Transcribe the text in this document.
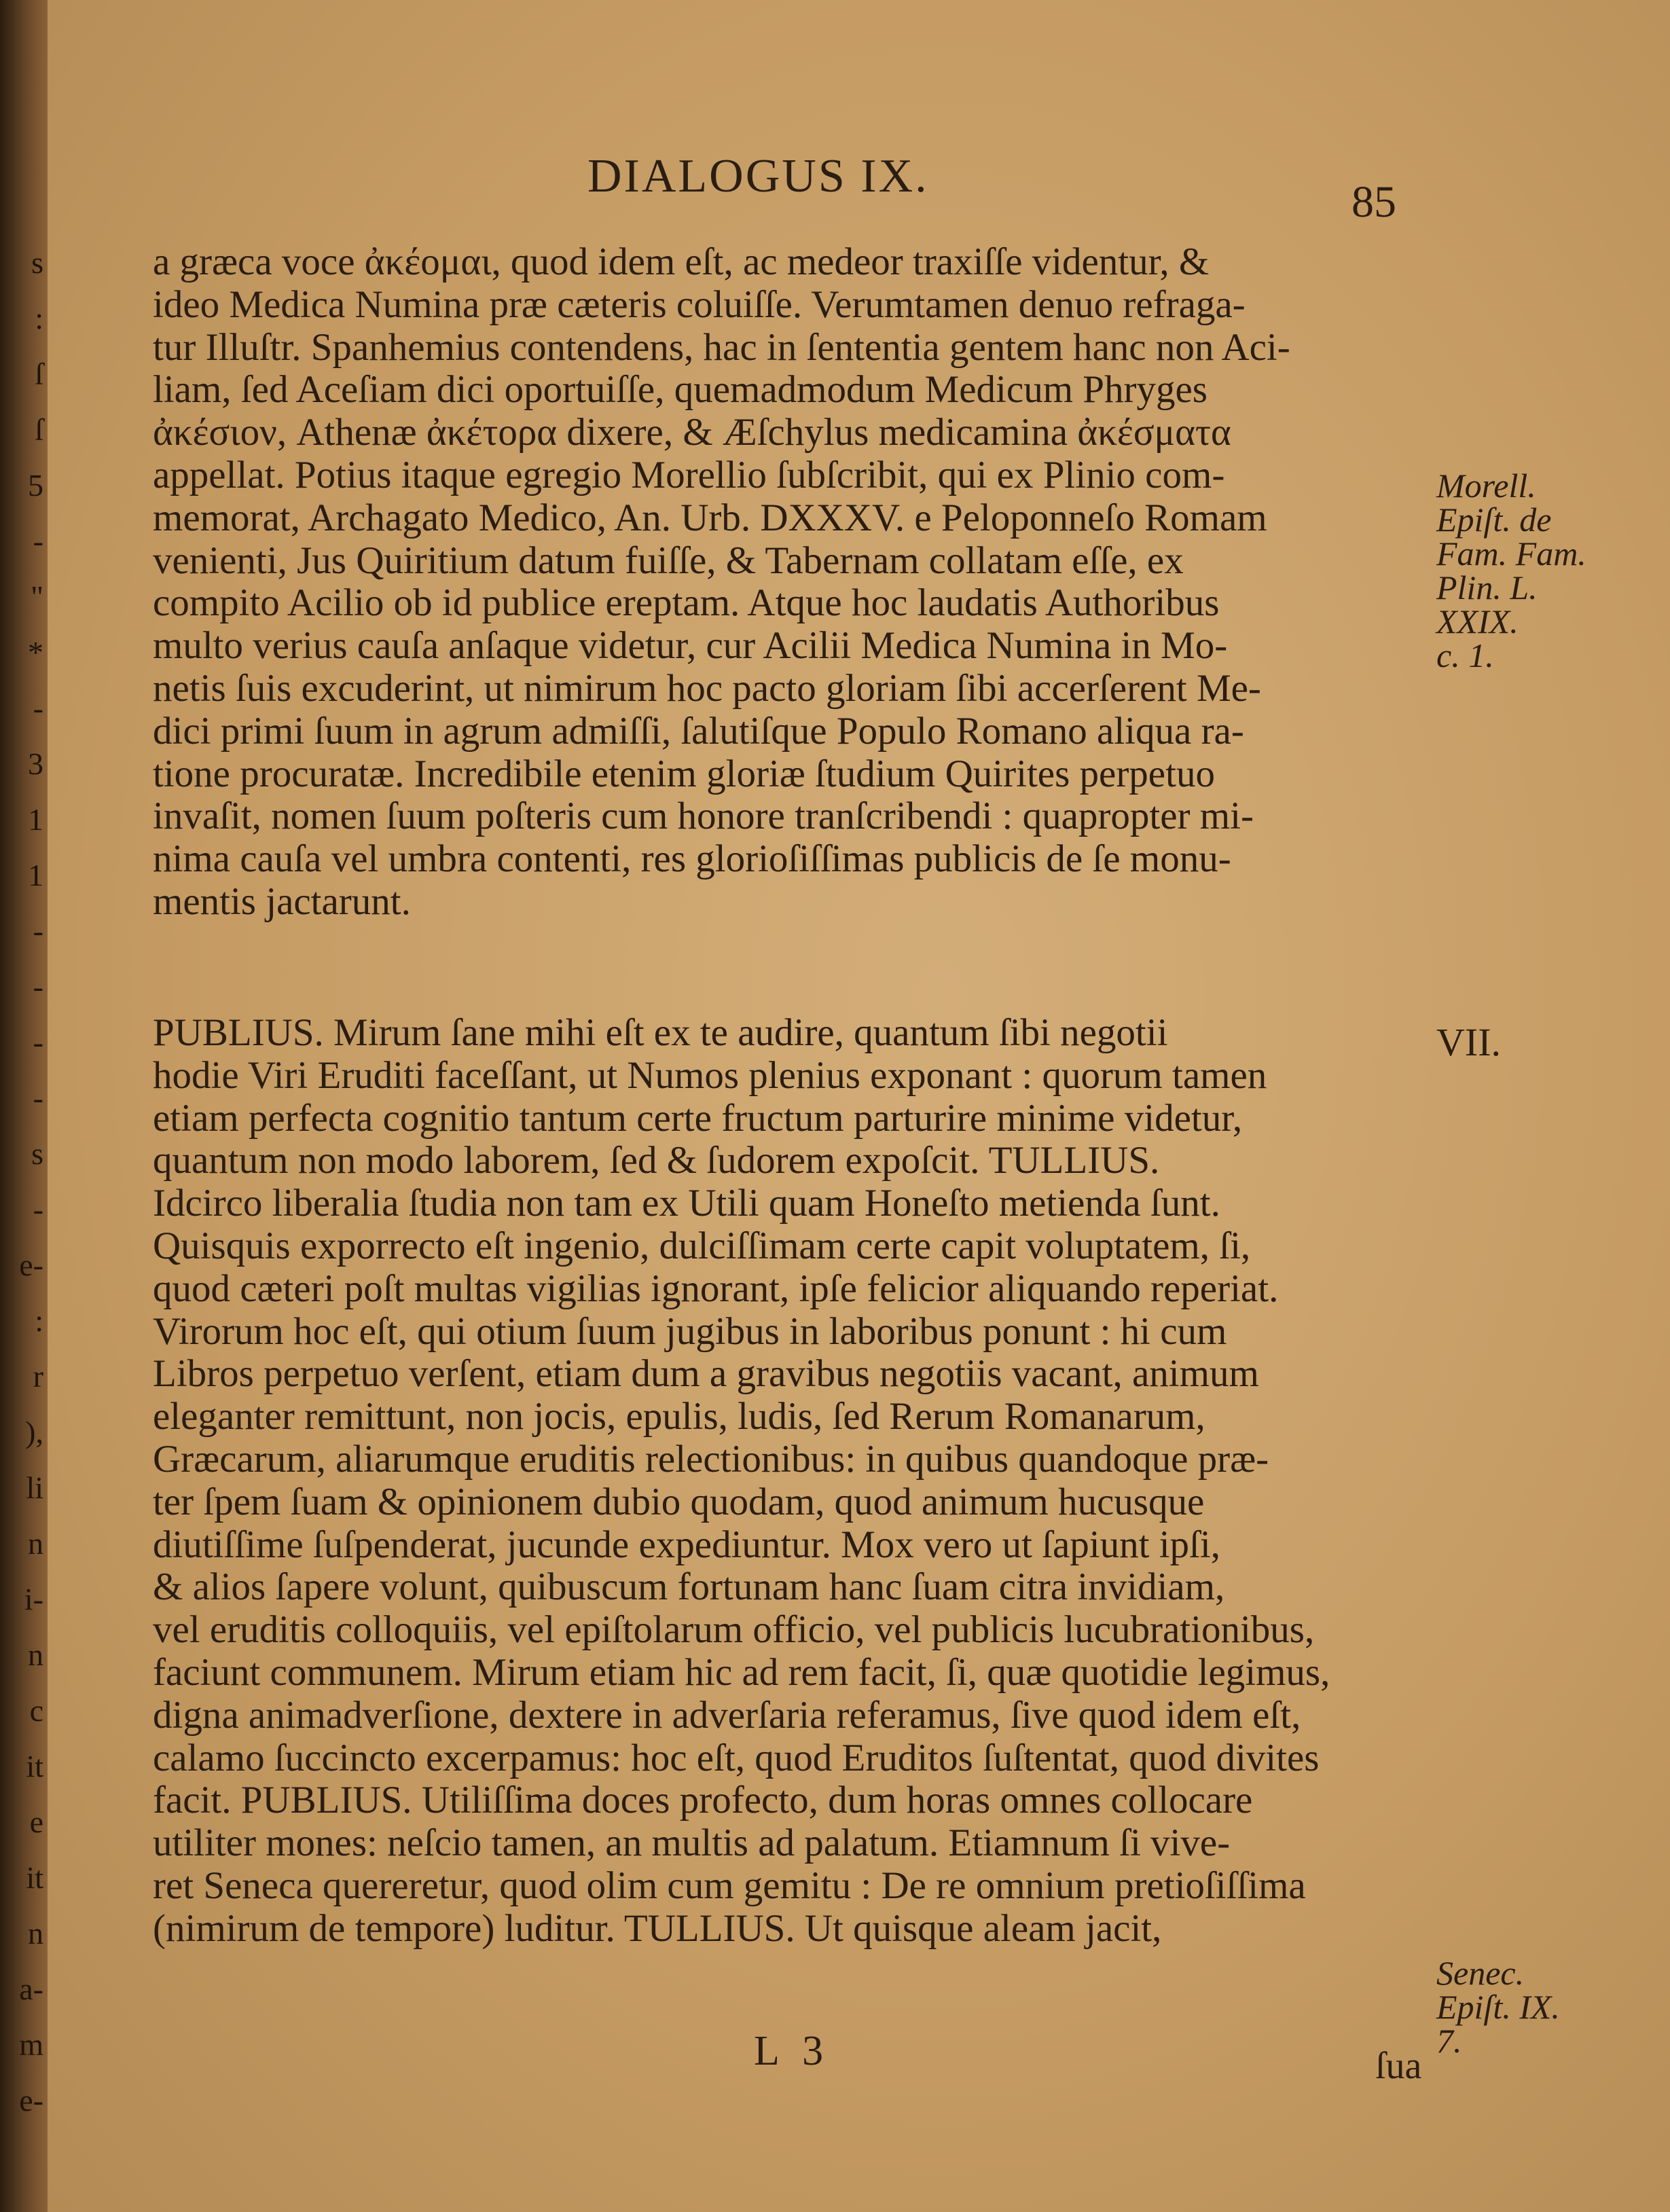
s
:
ſ
ſ
5
-
"
*
-
3
1
1
-
-
-
-
s
-
e-
:
r
),
li
n
i-
n
c
it
e
it
n
a-
m
e-
DIALOGUS IX.	85
a græca voce ἀκέομαι, quod idem eſt, ac medeor traxiſſe videntur, &
ideo Medica Numina præ cæteris coluiſſe. Verumtamen denuo refraga-
tur Illuſtr. Spanhemius contendens, hac in ſententia gentem hanc non Aci-
liam, ſed Aceſiam dici oportuiſſe, quemadmodum Medicum Phryges
ἀκέσιον, Athenæ ἀκέτορα dixere, & Æſchylus medicamina ἀκέσματα
appellat. Potius itaque egregio Morellio ſubſcribit, qui ex Plinio com-
memorat, Archagato Medico, An. Urb. DXXXV. e Peloponneſo Romam
venienti, Jus Quiritium datum fuiſſe, & Tabernam collatam eſſe, ex
compito Acilio ob id publice ereptam. Atque hoc laudatis Authoribus
multo verius cauſa anſaque videtur, cur Acilii Medica Numina in Mo-
netis ſuis excuderint, ut nimirum hoc pacto gloriam ſibi accerſerent Me-
dici primi ſuum in agrum admiſſi, ſalutiſque Populo Romano aliqua ra-
tione procuratæ. Incredibile etenim gloriæ ſtudium Quirites perpetuo
invaſit, nomen ſuum poſteris cum honore tranſcribendi : quapropter mi-
nima cauſa vel umbra contenti, res glorioſiſſimas publicis de ſe monu-
mentis jactarunt.
PUBLIUS. Mirum ſane mihi eſt ex te audire, quantum ſibi negotii
hodie Viri Eruditi faceſſant, ut Numos plenius exponant : quorum tamen
etiam perfecta cognitio tantum certe fructum parturire minime videtur,
quantum non modo laborem, ſed & ſudorem expoſcit. TULLIUS.
Idcirco liberalia ſtudia non tam ex Utili quam Honeſto metienda ſunt.
Quisquis exporrecto eſt ingenio, dulciſſimam certe capit voluptatem, ſi,
quod cæteri poſt multas vigilias ignorant, ipſe felicior aliquando reperiat.
Virorum hoc eſt, qui otium ſuum jugibus in laboribus ponunt : hi cum
Libros perpetuo verſent, etiam dum a gravibus negotiis vacant, animum
eleganter remittunt, non jocis, epulis, ludis, ſed Rerum Romanarum,
Græcarum, aliarumque eruditis relectionibus: in quibus quandoque præ-
ter ſpem ſuam & opinionem dubio quodam, quod animum hucusque
diutiſſime ſuſpenderat, jucunde expediuntur. Mox vero ut ſapiunt ipſi,
& alios ſapere volunt, quibuscum fortunam hanc ſuam citra invidiam,
vel eruditis colloquiis, vel epiſtolarum officio, vel publicis lucubrationibus,
faciunt communem. Mirum etiam hic ad rem facit, ſi, quæ quotidie legimus,
digna animadverſione, dextere in adverſaria referamus, ſive quod idem eſt,
calamo ſuccincto excerpamus: hoc eſt, quod Eruditos ſuſtentat, quod divites
facit. PUBLIUS. Utiliſſima doces profecto, dum horas omnes collocare
utiliter mones: neſcio tamen, an multis ad palatum. Etiamnum ſi vive-
ret Seneca quereretur, quod olim cum gemitu : De re omnium pretioſiſſima
(nimirum de tempore) luditur. TULLIUS. Ut quisque aleam jacit,
Morell.
Epiſt. de
Fam. Fam.
Plin. L.
XXIX.
c. 1.
VII.
Senec.
Epiſt. IX.
7.
L 3	ſua
